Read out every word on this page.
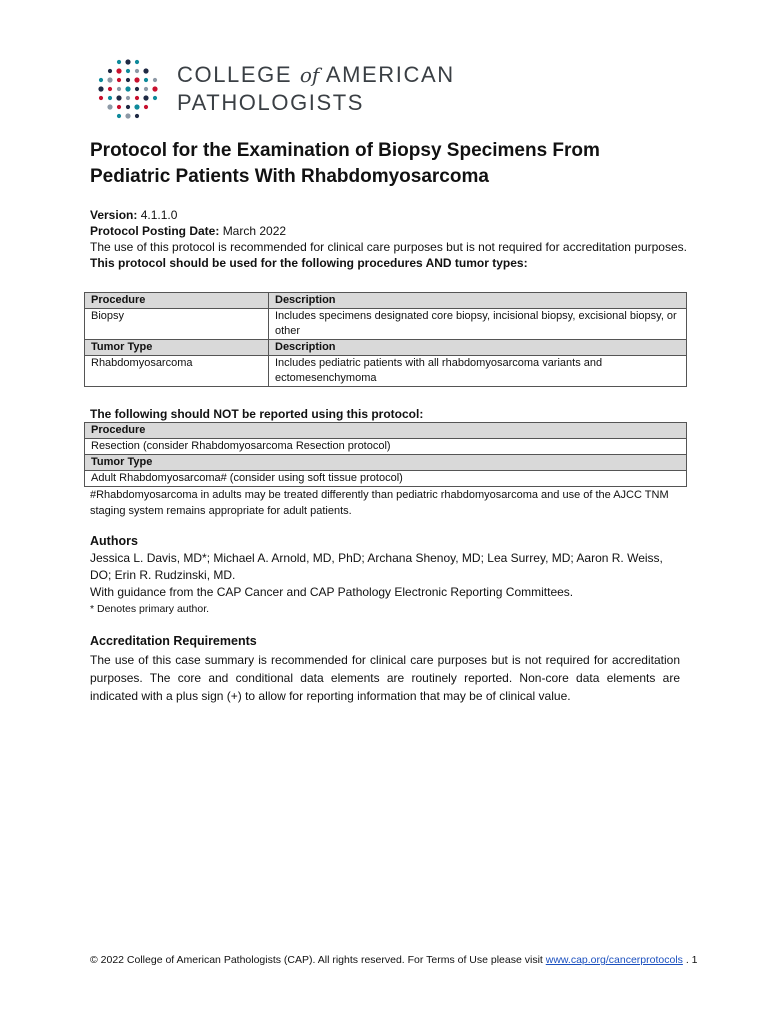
COLLEGE of AMERICAN
PATHOLOGISTS
Protocol for the Examination of Biopsy Specimens From
Pediatric Patients With Rhabdomyosarcoma

Version: 4.1.1.0

Protocol Posting Date: March 2022

The use of this protocol is recommended for clinical care purposes but is not required for accreditation purposes.

This protocol should be used for the following procedures AND tumor types:

Procedure	Description
Biopsy	Includes specimens designated core biopsy, incisional biopsy, excisional biopsy, or other
Tumor Type	Description
Rhabdomyosarcoma	Includes pediatric patients with all rhabdomyosarcoma variants and ectomesenchymoma

The following should NOT be reported using this protocol:

Procedure
Resection (consider Rhabdomyosarcoma Resection protocol)
Tumor Type
Adult Rhabdomyosarcoma# (consider using soft tissue protocol)

#Rhabdomyosarcoma in adults may be treated differently than pediatric rhabdomyosarcoma and use of the AJCC TNM staging system remains appropriate for adult patients.

Authors

Jessica L. Davis, MD*; Michael A. Arnold, MD, PhD; Archana Shenoy, MD; Lea Surrey, MD; Aaron R. Weiss, DO; Erin R. Rudzinski, MD.

With guidance from the CAP Cancer and CAP Pathology Electronic Reporting Committees.

* Denotes primary author.

Accreditation Requirements

The use of this case summary is recommended for clinical care purposes but is not required for accreditation purposes. The core and conditional data elements are routinely reported. Non-core data elements are indicated with a plus sign (+) to allow for reporting information that may be of clinical value.

© 2022 College of American Pathologists (CAP). All rights reserved. For Terms of Use please visit www.cap.org/cancerprotocols . 1
